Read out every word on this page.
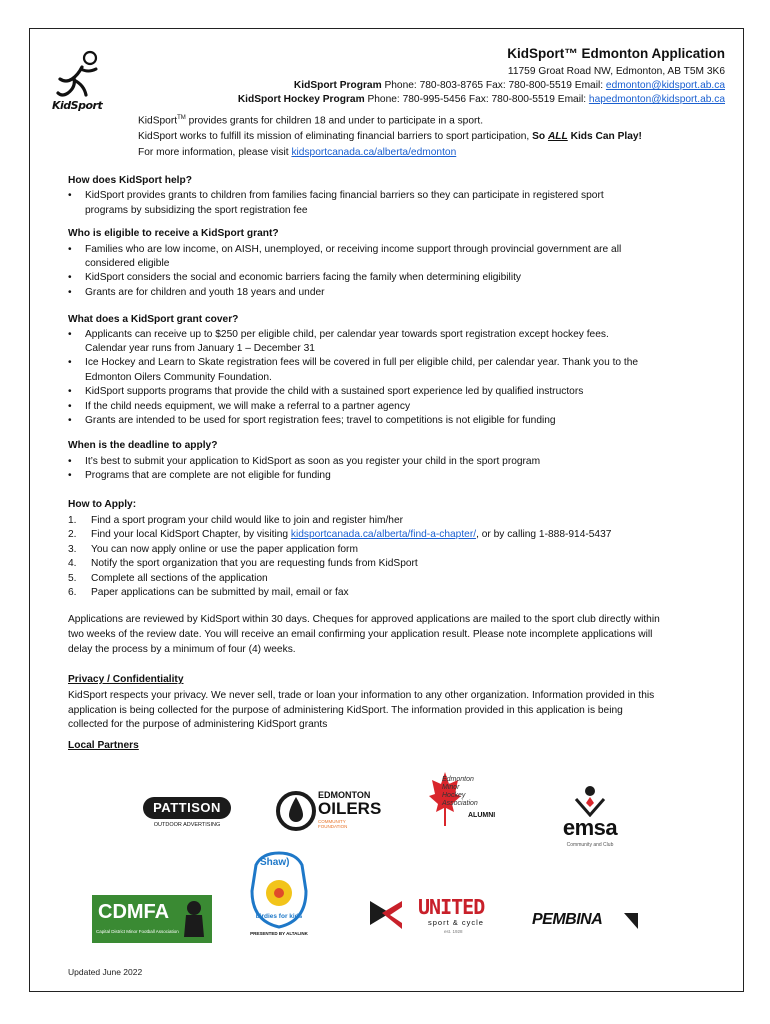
KidSport
KidSport™ Edmonton Application
11759 Groat Road NW, Edmonton, AB T5M 3K6
KidSport Program Phone: 780-803-8765 Fax: 780-800-5519 Email: edmonton@kidsport.ab.ca
KidSport Hockey Program Phone: 780-995-5456 Fax: 780-800-5519 Email: hapedmonton@kidsport.ab.ca
KidSport™ provides grants for children 18 and under to participate in a sport.
KidSport works to fulfill its mission of eliminating financial barriers to sport participation, So ALL Kids Can Play!
For more information, please visit kidsportcanada.ca/alberta/edmonton
How does KidSport help?
• KidSport provides grants to children from families facing financial barriers so they can participate in registered sport
programs by subsidizing the sport registration fee
Who is eligible to receive a KidSport grant?
• Families who are low income, on AISH, unemployed, or receiving income support through provincial government are all
considered eligible
• KidSport considers the social and economic barriers facing the family when determining eligibility
• Grants are for children and youth 18 years and under
What does a KidSport grant cover?
• Applicants can receive up to $250 per eligible child, per calendar year towards sport registration except hockey fees.
Calendar year runs from January 1 – December 31
• Ice Hockey and Learn to Skate registration fees will be covered in full per eligible child, per calendar year. Thank you to the
Edmonton Oilers Community Foundation.
• KidSport supports programs that provide the child with a sustained sport experience led by qualified instructors
• If the child needs equipment, we will make a referral to a partner agency
• Grants are intended to be used for sport registration fees; travel to competitions is not eligible for funding
When is the deadline to apply?
• It’s best to submit your application to KidSport as soon as you register your child in the sport program
• Programs that are complete are not eligible for funding
How to Apply:
1. Find a sport program your child would like to join and register him/her
2. Find your local KidSport Chapter, by visiting kidsportcanada.ca/alberta/find-a-chapter/, or by calling 1-888-914-5437
3. You can now apply online or use the paper application form
4. Notify the sport organization that you are requesting funds from KidSport
5. Complete all sections of the application
6. Paper applications can be submitted by mail, email or fax
Applications are reviewed by KidSport within 30 days. Cheques for approved applications are mailed to the sport club directly within
two weeks of the review date. You will receive an email confirming your application result. Please note incomplete applications will
delay the process by a minimum of four (4) weeks.
Privacy / Confidentiality
KidSport respects your privacy. We never sell, trade or loan your information to any other organization. Information provided in this
application is being collected for the purpose of administering KidSport. The information provided in this application is being
collected for the purpose of administering KidSport grants
Local Partners
PATTISON
OUTDOOR ADVERTISING
EDMONTON
OILERS
COMMUNITY FOUNDATION
Edmonton
Minor
Hockey
Association
ALUMNI	emsa
Community and Club
CDMFA
Capital District Minor Football Association
Shaw)
birdies for kids
PRESENTED BY ALTALINK
UNITED
sport & cycle
est. 1928
PEMBINA
Updated June 2022
